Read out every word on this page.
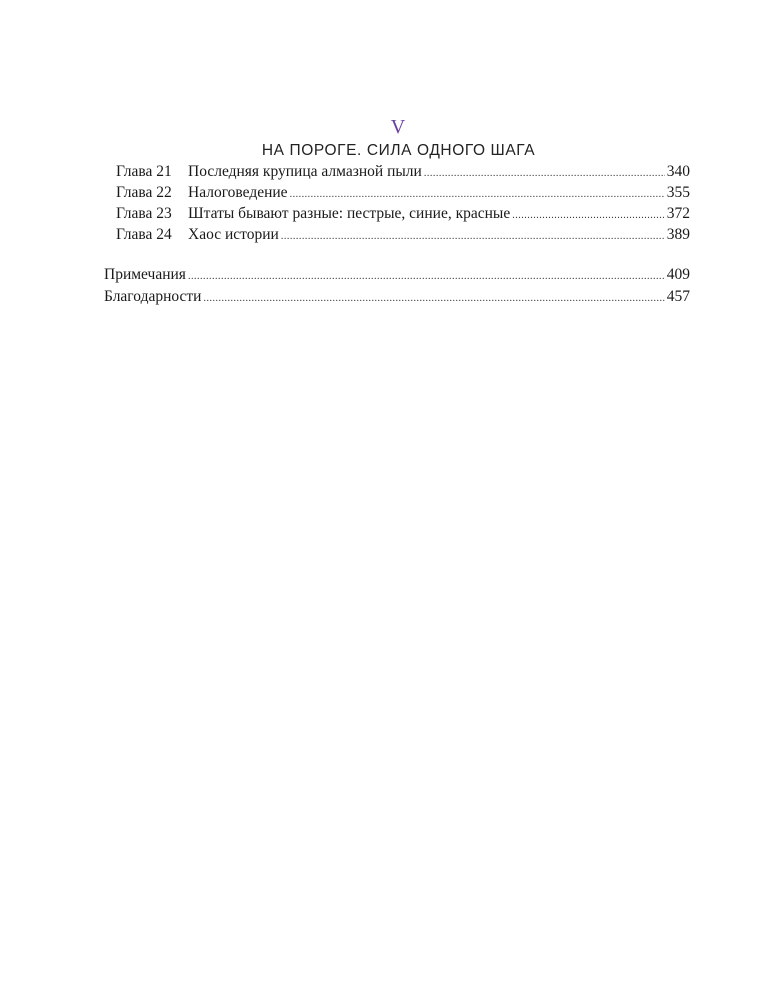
V
НА ПОРОГЕ. СИЛА ОДНОГО ШАГА
Глава 21	Последняя крупица алмазной пыли .....	340
Глава 22	Налоговедение .....	355
Глава 23	Штаты бывают разные: пестрые, синие, красные .....	372
Глава 24	Хаос истории .....	389
Примечания .....	409
Благодарности .....	457
